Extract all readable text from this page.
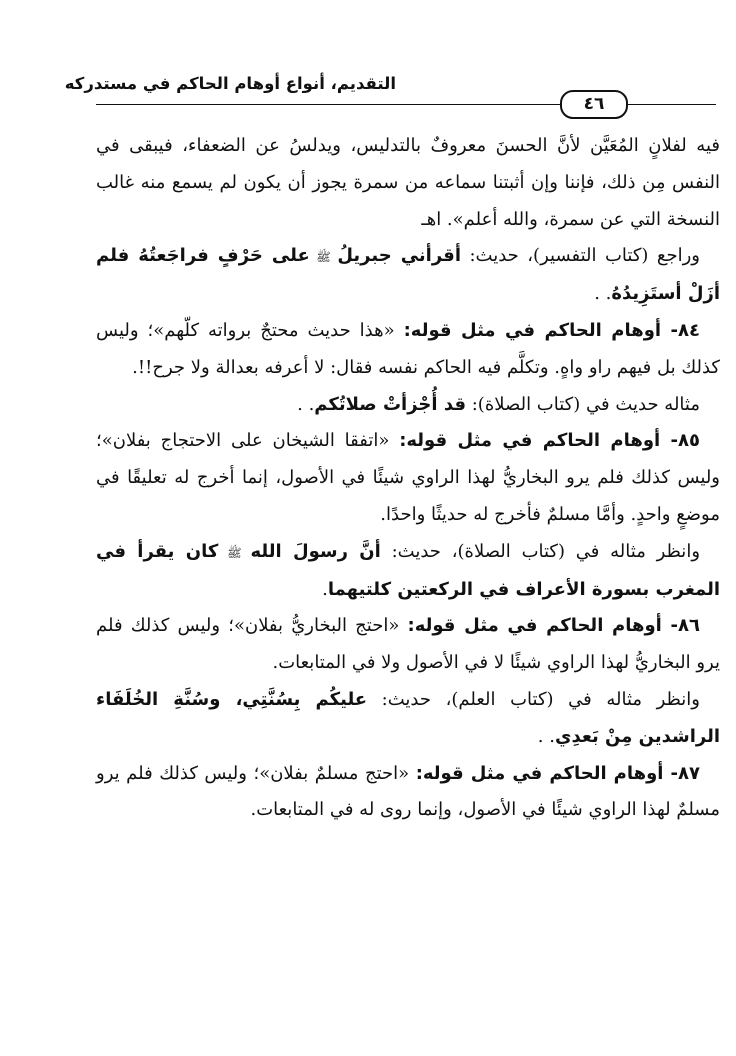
التقديم، أنواع أوهام الحاكم في مستدركه
٤٦

فيه لفلانٍ المُعَيَّن لأنَّ الحسنَ معروفٌ بالتدليس، ويدلسُ عن الضعفاء، فيبقى في النفس مِن ذلك، فإننا وإن أثبتنا سماعه من سمرة يجوز أن يكون لم يسمع منه غالب النسخة التي عن سمرة، والله أعلم». اهـ

وراجع (كتاب التفسير)، حديث: أقرأني جبريلُ ﷺ على حَرْفٍ فراجَعتُهُ فلم أزَلْ أستَزِيدُهُ. .

٨٤- أوهام الحاكم في مثل قوله: «هذا حديث محتجٌ برواته كلّهم»؛ وليس كذلك بل فيهم راو واهٍ. وتكلَّم فيه الحاكم نفسه فقال: لا أعرفه بعدالة ولا جرح!!.

مثاله حديث في (كتاب الصلاة): قد أُجْزأتْ صلاتُكم. .

٨٥- أوهام الحاكم في مثل قوله: «اتفقا الشيخان على الاحتجاج بفلان»؛ وليس كذلك فلم يرو البخاريُّ لهذا الراوي شيئًا في الأصول، إنما أخرج له تعليقًا في موضعٍ واحدٍ. وأمَّا مسلمٌ فأخرج له حديثًا واحدًا.

وانظر مثاله في (كتاب الصلاة)، حديث: أنَّ رسولَ الله ﷺ كان يقرأ في المغرب بسورة الأعراف في الركعتين كلتيهما.

٨٦- أوهام الحاكم في مثل قوله: «احتج البخاريُّ بفلان»؛ وليس كذلك فلم يرو البخاريُّ لهذا الراوي شيئًا لا في الأصول ولا في المتابعات.

وانظر مثاله في (كتاب العلم)، حديث: عليكُم بِسُنَّتِي، وسُنَّةِ الخُلَفَاء الراشدين مِنْ بَعدِي. .

٨٧- أوهام الحاكم في مثل قوله: «احتج مسلمٌ بفلان»؛ وليس كذلك فلم يرو مسلمٌ لهذا الراوي شيئًا في الأصول، وإنما روى له في المتابعات.
